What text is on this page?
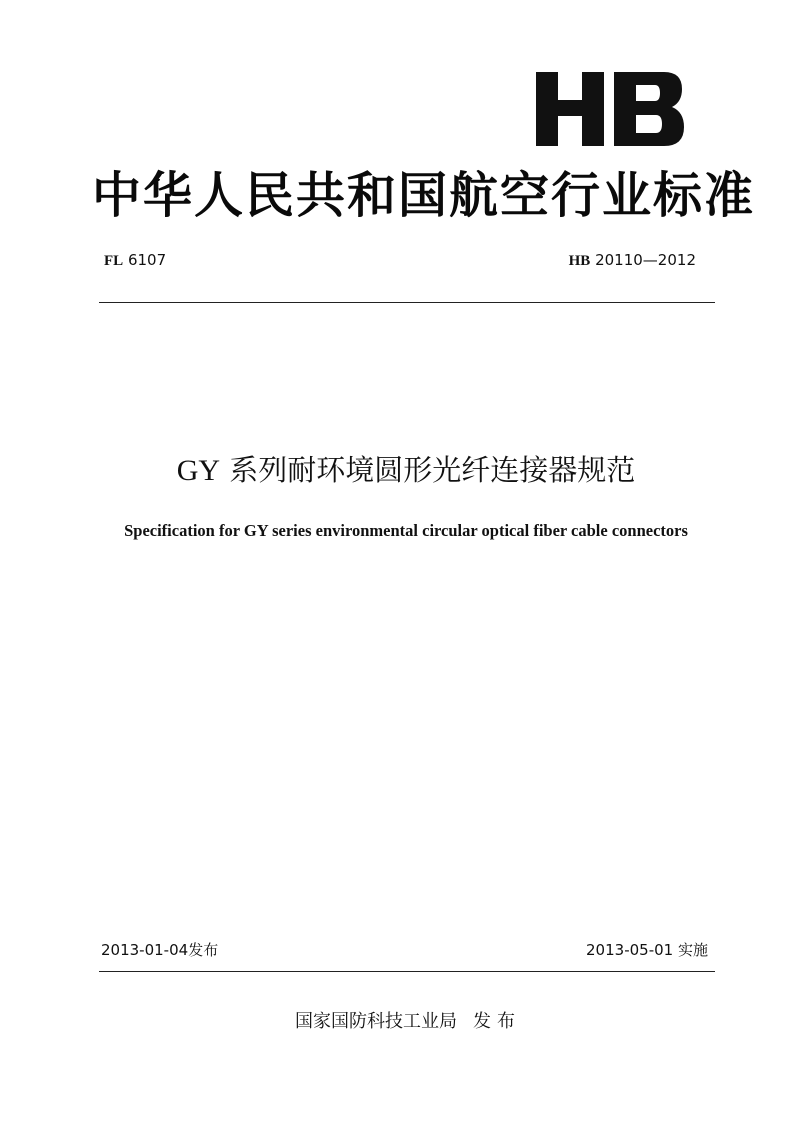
中华人民共和国航空行业标准
FL 6107	HB 20110—2012
GY 系列耐环境圆形光纤连接器规范
Specification for GY series environmental circular optical fiber cable connectors
2013-01-04发布	2013-05-01 实施
国家国防科技工业局 发布
